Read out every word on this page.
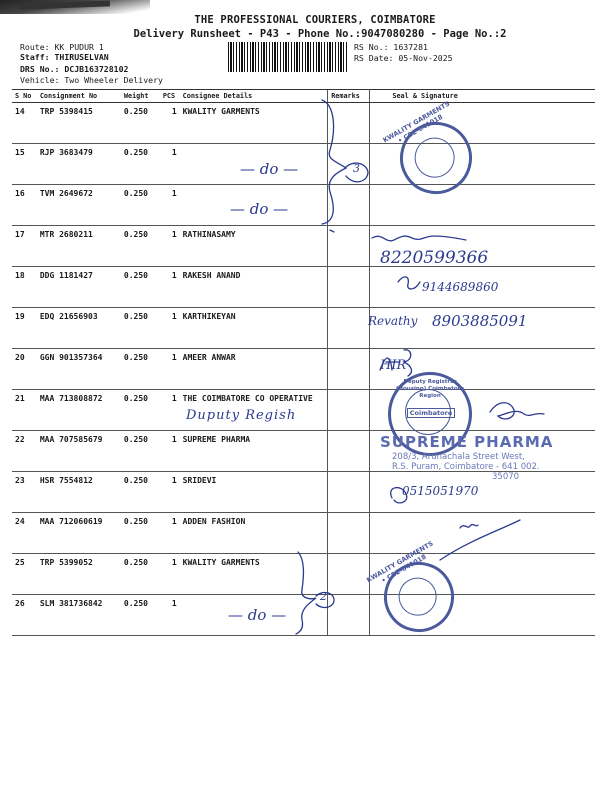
THE PROFESSIONAL COURIERS, COIMBATORE
Delivery Runsheet - P43 - Phone No.:9047080280 - Page No.:2
Route: KK PUDUR 1
Staff: THIRUSELVAN
DRS No.: DCJB163728102
Vehicle: Two Wheeler Delivery
RS No.: 1637281
RS Date: 05-Nov-2025
S No	Consignment No	Weight	PCS	Consignee Details	Remarks	Seal & Signature
14	TRP 5398415	0.250	1	KWALITY GARMENTS		
15	RJP 3683479	0.250	1			
16	TVM 2649672	0.250	1			
17	MTR 2680211	0.250	1	RATHINASAMY		
18	DDG 1181427	0.250	1	RAKESH ANAND		
19	EDQ 21656903	0.250	1	KARTHIKEYAN		
20	GGN 901357364	0.250	1	AMEER ANWAR		
21	MAA 713808872	0.250	1	THE COIMBATORE CO OPERATIVE		
22	MAA 707585679	0.250	1	SUPREME PHARMA		
23	HSR 7554812	0.250	1	SRIDEVI		
24	MAA 712060619	0.250	1	ADDEN FASHION		
25	TRP 5399052	0.250	1	KWALITY GARMENTS		
26	SLM 381736842	0.250	1			
— do —
— do —
— do —
3
2
8220599366
9144689860
Revathy 8903885091
HIR
Duputy Regish
0515051970
KWALITY GARMENTS • CBE-641018
KWALITY GARMENTS • CBE-641018
Deputy Registrar (Housing) Coimbatore Region
Coimbatore
SUPREME PHARMA
208/3, Arunachala Street West,
R.S. Puram, Coimbatore - 641 002.
35070
